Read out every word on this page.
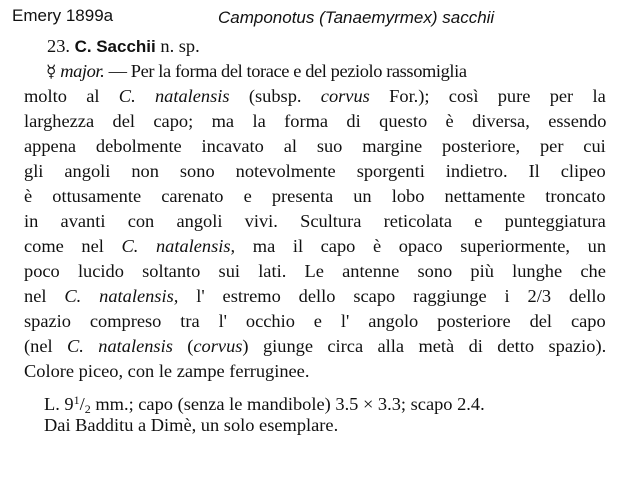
Emery 1899a	Camponotus (Tanaemyrmex) sacchii
23. C. Sacchii n. sp.
☿ major. — Per la forma del torace e del peziolo rassomiglia
molto al C. natalensis (subsp. corvus For.); così pure per la
larghezza del capo; ma la forma di questo è diversa, essendo
appena debolmente incavato al suo margine posteriore, per cui
gli angoli non sono notevolmente sporgenti indietro. Il clipeo
è ottusamente carenato e presenta un lobo nettamente troncato
in avanti con angoli vivi. Scultura reticolata e punteggiatura
come nel C. natalensis, ma il capo è opaco superiormente, un
poco lucido soltanto sui lati. Le antenne sono più lunghe che
nel C. natalensis, l' estremo dello scapo raggiunge i 2/3 dello
spazio compreso tra l' occhio e l' angolo posteriore del capo
(nel C. natalensis (corvus) giunge circa alla metà di detto spazio).
Colore piceo, con le zampe ferruginee.
L. $9^1/_2$ mm.; capo (senza le mandibole) 3.5 × 3.3; scapo 2.4.
Dai Badditu a Dimè, un solo esemplare.
